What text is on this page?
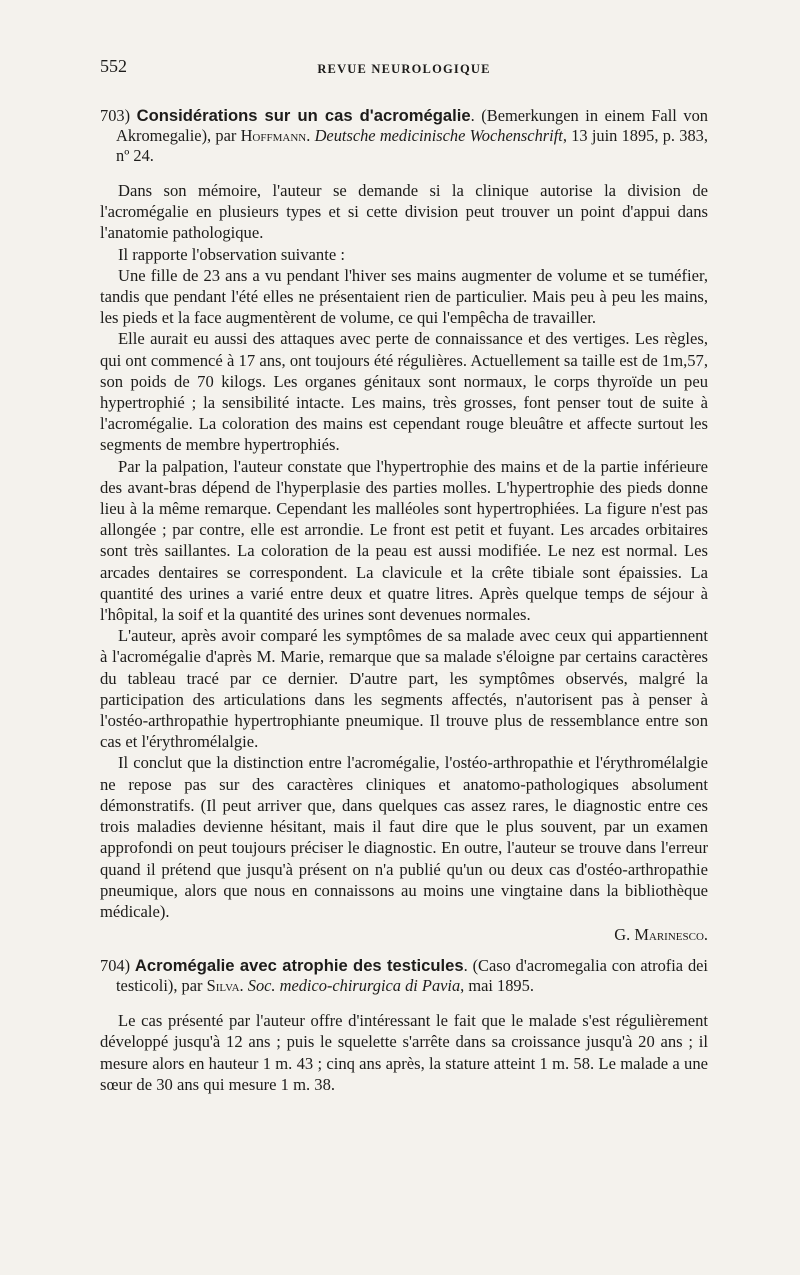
552	REVUE NEUROLOGIQUE
703) Considérations sur un cas d'acromégalie. (Bemerkungen in einem Fall von Akromegalie), par Hoffmann. Deutsche medicinische Wochenschrift, 13 juin 1895, p. 383, nº 24.

Dans son mémoire, l'auteur se demande si la clinique autorise la division de l'acromégalie en plusieurs types et si cette division peut trouver un point d'appui dans l'anatomie pathologique.

Il rapporte l'observation suivante :

Une fille de 23 ans a vu pendant l'hiver ses mains augmenter de volume et se tuméfier, tandis que pendant l'été elles ne présentaient rien de particulier. Mais peu à peu les mains, les pieds et la face augmentèrent de volume, ce qui l'empêcha de travailler.

Elle aurait eu aussi des attaques avec perte de connaissance et des vertiges. Les règles, qui ont commencé à 17 ans, ont toujours été régulières. Actuellement sa taille est de 1m,57, son poids de 70 kilogs. Les organes génitaux sont normaux, le corps thyroïde un peu hypertrophié ; la sensibilité intacte. Les mains, très grosses, font penser tout de suite à l'acromégalie. La coloration des mains est cependant rouge bleuâtre et affecte surtout les segments de membre hypertrophiés.

Par la palpation, l'auteur constate que l'hypertrophie des mains et de la partie inférieure des avant-bras dépend de l'hyperplasie des parties molles. L'hypertrophie des pieds donne lieu à la même remarque. Cependant les malléoles sont hypertrophiées. La figure n'est pas allongée ; par contre, elle est arrondie. Le front est petit et fuyant. Les arcades orbitaires sont très saillantes. La coloration de la peau est aussi modifiée. Le nez est normal. Les arcades dentaires se correspondent. La clavicule et la crête tibiale sont épaissies. La quantité des urines a varié entre deux et quatre litres. Après quelque temps de séjour à l'hôpital, la soif et la quantité des urines sont devenues normales.

L'auteur, après avoir comparé les symptômes de sa malade avec ceux qui appartiennent à l'acromégalie d'après M. Marie, remarque que sa malade s'éloigne par certains caractères du tableau tracé par ce dernier. D'autre part, les symptômes observés, malgré la participation des articulations dans les segments affectés, n'autorisent pas à penser à l'ostéo-arthropathie hypertrophiante pneumique. Il trouve plus de ressemblance entre son cas et l'érythromélalgie.

Il conclut que la distinction entre l'acromégalie, l'ostéo-arthropathie et l'érythromélalgie ne repose pas sur des caractères cliniques et anatomo-pathologiques absolument démonstratifs. (Il peut arriver que, dans quelques cas assez rares, le diagnostic entre ces trois maladies devienne hésitant, mais il faut dire que le plus souvent, par un examen approfondi on peut toujours préciser le diagnostic. En outre, l'auteur se trouve dans l'erreur quand il prétend que jusqu'à présent on n'a publié qu'un ou deux cas d'ostéo-arthropathie pneumique, alors que nous en connaissons au moins une vingtaine dans la bibliothèque médicale).

G. Marinesco.
704) Acromégalie avec atrophie des testicules. (Caso d'acromegalia con atrofia dei testicoli), par Silva. Soc. medico-chirurgica di Pavia, mai 1895.

Le cas présenté par l'auteur offre d'intéressant le fait que le malade s'est régulièrement développé jusqu'à 12 ans ; puis le squelette s'arrête dans sa croissance jusqu'à 20 ans ; il mesure alors en hauteur 1 m. 43 ; cinq ans après, la stature atteint 1 m. 58. Le malade a une sœur de 30 ans qui mesure 1 m. 38.
